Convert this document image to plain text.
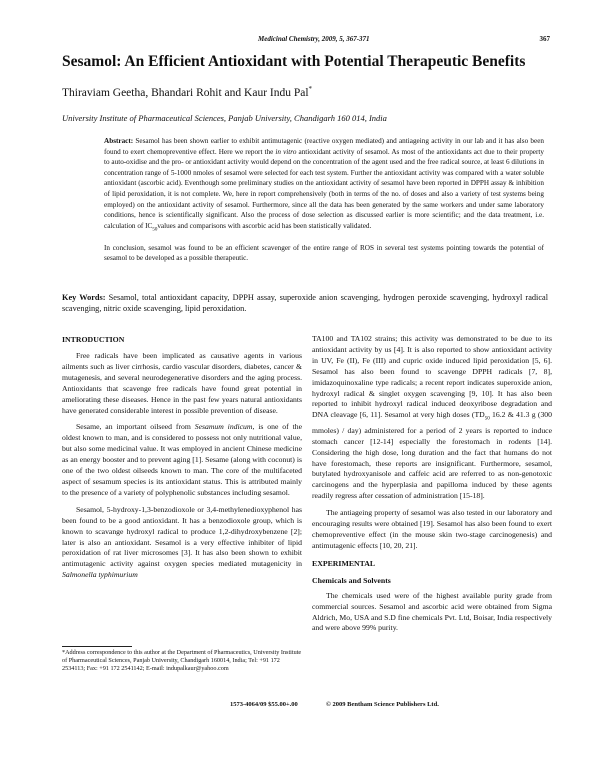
Medicinal Chemistry, 2009, 5, 367-371	367
Sesamol: An Efficient Antioxidant with Potential Therapeutic Benefits
Thiraviam Geetha, Bhandari Rohit and Kaur Indu Pal*
University Institute of Pharmaceutical Sciences, Panjab University, Chandigarh 160 014, India

Abstract: Sesamol has been shown earlier to exhibit antimutagenic (reactive oxygen mediated) and antiageing activity in our lab and it has also been found to exert chemopreventive effect. Here we report the in vitro antioxidant activity of sesamol. As most of the antioxidants act due to their property to auto-oxidise and the pro- or antioxidant activity would depend on the concentration of the agent used and the free radical source, at least 6 dilutions in concentration range of 5-1000 nmoles of sesamol were selected for each test system. Further the antioxidant activity was compared with a water soluble antioxidant (ascorbic acid). Eventhough some preliminary studies on the antioxidant activity of sesamol have been reported in DPPH assay & inhibition of lipid peroxidation, it is not complete. We, here in report comprehensively (both in terms of the no. of doses and also a variety of test systems being employed) on the antioxidant activity of sesamol. Furthermore, since all the data has been generated by the same workers and under same laboratory conditions, hence is scientifically significant. Also the process of dose selection as discussed earlier is more scientific; and the data treatment, i.e. calculation of $IC_{50}values$ and comparisons with ascorbic acid has been statistically validated.

In conclusion, sesamol was found to be an efficient scavenger of the entire range of ROS in several test systems pointing towards the potential of sesamol to be developed as a possible therapeutic.

Key Words: Sesamol, total antioxidant capacity, DPPH assay, superoxide anion scavenging, hydrogen peroxide scavenging, hydroxyl radical scavenging, nitric oxide scavenging, lipid peroxidation.
INTRODUCTION

Free radicals have been implicated as causative agents in various ailments such as liver cirrhosis, cardio vascular disorders, diabetes, cancer & mutagenesis, and several neurodegenerative disorders and the aging process. Antioxidants that scavenge free radicals have found great potential in ameliorating these diseases. Hence in the past few years natural antioxidants have generated considerable interest in possible prevention of disease.

Sesame, an important oilseed from Sesamum indicum, is one of the oldest known to man, and is considered to possess not only nutritional value, but also some medicinal value. It was employed in ancient Chinese medicine as an energy booster and to prevent aging [1]. Sesame (along with coconut) is one of the two oldest oilseeds known to man. The core of the multifaceted aspect of sesamum species is its antioxidant status. This is attributed mainly to the presence of a variety of polyphenolic substances including sesamol.

Sesamol, 5-hydroxy-1,3-benzodioxole or 3,4-methylenedioxyphenol has been found to be a good antioxidant. It has a benzodioxole group, which is known to scavange hydroxyl radical to produce 1,2-dihydroxybenzene [2]; later is also an antioxidant. Sesamol is a very effective inhibiter of lipid peroxidation of rat liver microsomes [3]. It has also been shown to exhibit antimutagenic activity against oxygen species mediated mutagenicity in Salmonella typhimurium

*Address correspondence to this author at the Department of Pharmaceutics, University Institute of Pharmaceutical Sciences, Panjab University, Chandigarh 160014, India; Tel: +91 172 2534113; Fax: +91 172 2541142; E-mail: indupalkaur@yahoo.com

TA100 and TA102 strains; this activity was demonstrated to be due to its antioxidant activity by us [4]. It is also reported to show antioxidant activity in UV, Fe (II), Fe (III) and cupric oxide induced lipid peroxidation [5, 6]. Sesamol has also been found to scavenge DPPH radicals [7, 8], imidazoquinoxaline type radicals; a recent report indicates superoxide anion, hydroxyl radical & singlet oxygen scavenging [9, 10]. It has also been reported to inhibit hydroxyl radical induced deoxyribose degradation and DNA cleavage [6, 11]. Sesamol at very high doses ($TD_{50}$ 16.2 & 41.3 g (300 mmoles) / day) administered for a period of 2 years is reported to induce stomach cancer [12-14] especially the forestomach in rodents [14]. Considering the high dose, long duration and the fact that humans do not have forestomach, these reports are insignificant. Furthermore, sesamol, butylated hydroxyanisole and caffeic acid are referred to as non-genotoxic carcinogens and the hyperplasia and papilloma induced by these agents readily regress after cessation of administration [15-18].

The antiageing property of sesamol was also tested in our laboratory and encouraging results were obtained [19]. Sesamol has also been found to exert chemopreventive effect (in the mouse skin two-stage carcinogenesis) and antimutagenic effects [10, 20, 21].

EXPERIMENTAL
Chemicals and Solvents

The chemicals used were of the highest available purity grade from commercial sources. Sesamol and ascorbic acid were obtained from Sigma Aldrich, Mo, USA and S.D fine chemicals Pvt. Ltd, Boisar, India respectively and were above 99% purity.

1573-4064/09 $55.00+.00	© 2009 Bentham Science Publishers Ltd.
